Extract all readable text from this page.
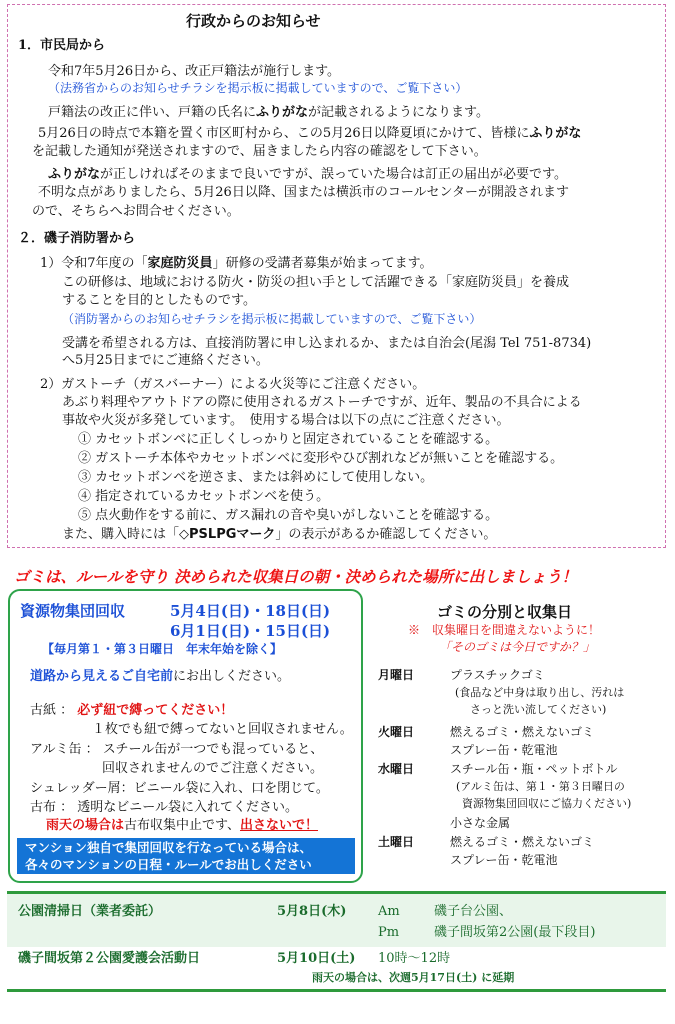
行政からのお知らせ
1．市民局から
令和7年5月26日から、改正戸籍法が施行します。
（法務省からのお知らせチラシを掲示板に掲載していますので、ご覧下さい）
戸籍法の改正に伴い、戸籍の氏名にふりがなが記載されるようになります。
5月26日の時点で本籍を置く市区町村から、この5月26日以降夏頃にかけて、皆様にふりがな
を記載した通知が発送されますので、届きましたら内容の確認をして下さい。
ふりがなが正しければそのままで良いですが、誤っていた場合は訂正の届出が必要です。
不明な点がありましたら、5月26日以降、国または横浜市のコールセンターが開設されます
ので、そちらへお問合せください。
２．磯子消防署から
1）令和7年度の「家庭防災員」研修の受講者募集が始まってます。
この研修は、地域における防火・防災の担い手として活躍できる「家庭防災員」を養成
することを目的としたものです。
（消防署からのお知らせチラシを掲示板に掲載していますので、ご覧下さい）
受講を希望される方は、直接消防署に申し込まれるか、または自治会(尾潟 Tel 751-8734)
へ5月25日までにご連絡ください。
2）ガストーチ（ガスバーナー）による火災等にご注意ください。
あぶり料理やアウトドアの際に使用されるガストーチですが、近年、製品の不具合による
事故や火災が多発しています。　使用する場合は以下の点にご注意ください。
① カセットボンベに正しくしっかりと固定されていることを確認する。
② ガストーチ本体やカセットボンベに変形やひび割れなどが無いことを確認する。
③ カセットボンベを逆さま、または斜めにして使用しない。
④ 指定されているカセットボンベを使う。
⑤ 点火動作をする前に、ガス漏れの音や臭いがしないことを確認する。
また、購入時には「◇PSLPGマーク」の表示があるか確認してください。
ゴミは、ルールを守り 決められた収集日の朝・決められた場所に出しましょう！
資源物集団回収	5月4日(日)・18日(日)
6月1日(日)・15日(日)
【毎月第１・第３日曜日　年末年始を除く】
道路から見えるご自宅前にお出しください。
古紙 ： 必ず紐で縛ってください！
１枚でも紐で縛ってないと回収されません。
アルミ缶 ： スチール缶が一つでも混っていると、
回収されませんのでご注意ください。
シュレッダー屑：ビニール袋に入れ、口を閉じて。
古布 ： 透明なビニール袋に入れてください。
雨天の場合は古布収集中止です、出さないで！
マンション独自で集団回収を行なっている場合は、
各々のマンションの日程・ルールでお出しください
ゴミの分別と収集日
※　収集曜日を間違えないように！
「そのゴミは今日ですか？」
月曜日	プラスチックゴミ
(食品など中身は取り出し、汚れは
さっと洗い流してください)
火曜日	燃えるゴミ・燃えないゴミ
スプレー缶・乾電池
水曜日	スチール缶・瓶・ペットボトル
(アルミ缶は、第１・第３日曜日の
資源物集団回収にご協力ください)
小さな金属
土曜日	燃えるゴミ・燃えないゴミ
スプレー缶・乾電池
公園清掃日（業者委託）	5月8日(木) Am	磯子台公園、
Pm	磯子間坂第2公園(最下段目)
磯子間坂第２公園愛護会活動日	5月10日(土) 10時～12時
雨天の場合は、次週5月17日(土) に延期
